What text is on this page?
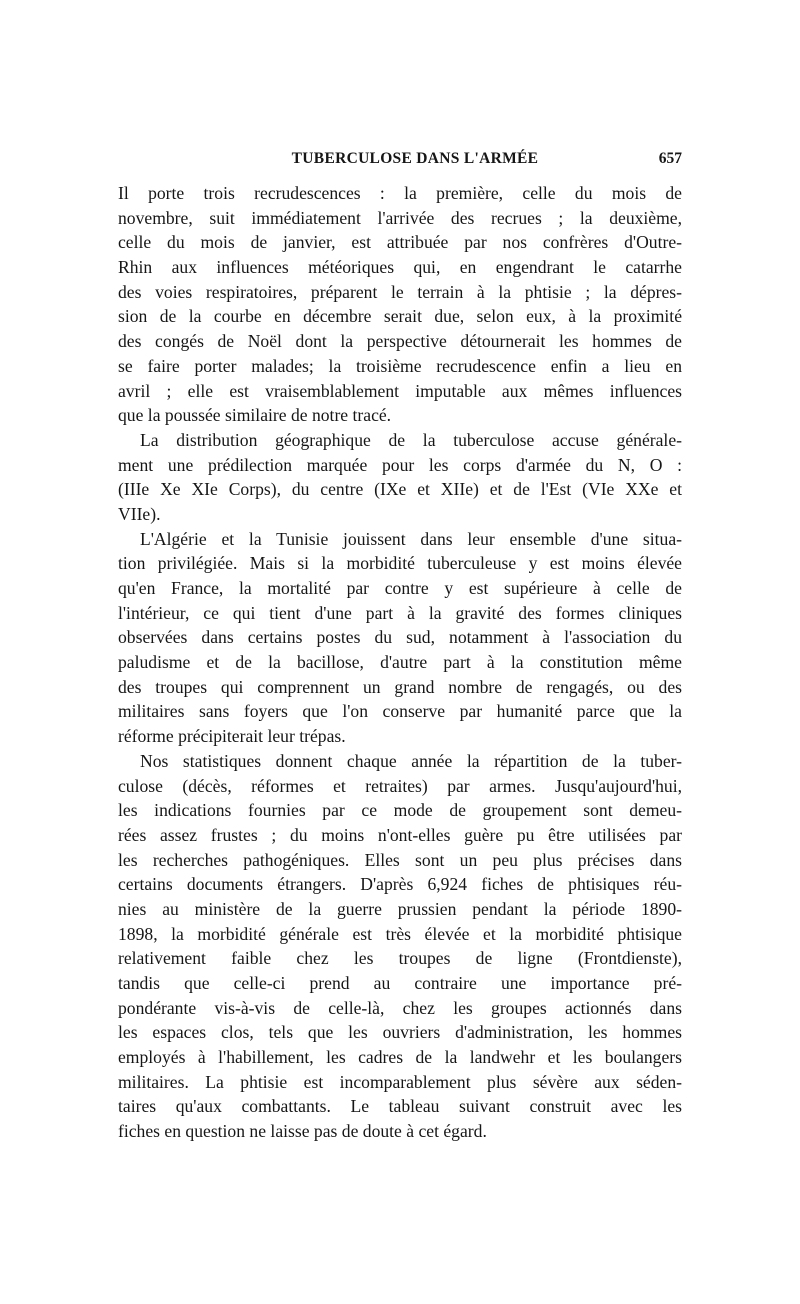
TUBERCULOSE DANS L'ARMÉE	657
Il porte trois recrudescences : la première, celle du mois de
novembre, suit immédiatement l'arrivée des recrues ; la deuxième,
celle du mois de janvier, est attribuée par nos confrères d'Outre-
Rhin aux influences météoriques qui, en engendrant le catarrhe
des voies respiratoires, préparent le terrain à la phtisie ; la dépres-
sion de la courbe en décembre serait due, selon eux, à la proximité
des congés de Noël dont la perspective détournerait les hommes de
se faire porter malades; la troisième recrudescence enfin a lieu en
avril ; elle est vraisemblablement imputable aux mêmes influences
que la poussée similaire de notre tracé.
La distribution géographique de la tuberculose accuse générale-
ment une prédilection marquée pour les corps d'armée du N, O :
(IIIe Xe XIe Corps), du centre (IXe et XIIe) et de l'Est (VIe XXe et
VIIe).
L'Algérie et la Tunisie jouissent dans leur ensemble d'une situa-
tion privilégiée. Mais si la morbidité tuberculeuse y est moins élevée
qu'en France, la mortalité par contre y est supérieure à celle de
l'intérieur, ce qui tient d'une part à la gravité des formes cliniques
observées dans certains postes du sud, notamment à l'association du
paludisme et de la bacillose, d'autre part à la constitution même
des troupes qui comprennent un grand nombre de rengagés, ou des
militaires sans foyers que l'on conserve par humanité parce que la
réforme précipiterait leur trépas.
Nos statistiques donnent chaque année la répartition de la tuber-
culose (décès, réformes et retraites) par armes. Jusqu'aujourd'hui,
les indications fournies par ce mode de groupement sont demeu-
rées assez frustes ; du moins n'ont-elles guère pu être utilisées par
les recherches pathogéniques. Elles sont un peu plus précises dans
certains documents étrangers. D'après 6,924 fiches de phtisiques réu-
nies au ministère de la guerre prussien pendant la période 1890-
1898, la morbidité générale est très élevée et la morbidité phtisique
relativement faible chez les troupes de ligne (Frontdienste),
tandis que celle-ci prend au contraire une importance pré-
pondérante vis-à-vis de celle-là, chez les groupes actionnés dans
les espaces clos, tels que les ouvriers d'administration, les hommes
employés à l'habillement, les cadres de la landwehr et les boulangers
militaires. La phtisie est incomparablement plus sévère aux séden-
taires qu'aux combattants. Le tableau suivant construit avec les
fiches en question ne laisse pas de doute à cet égard.
